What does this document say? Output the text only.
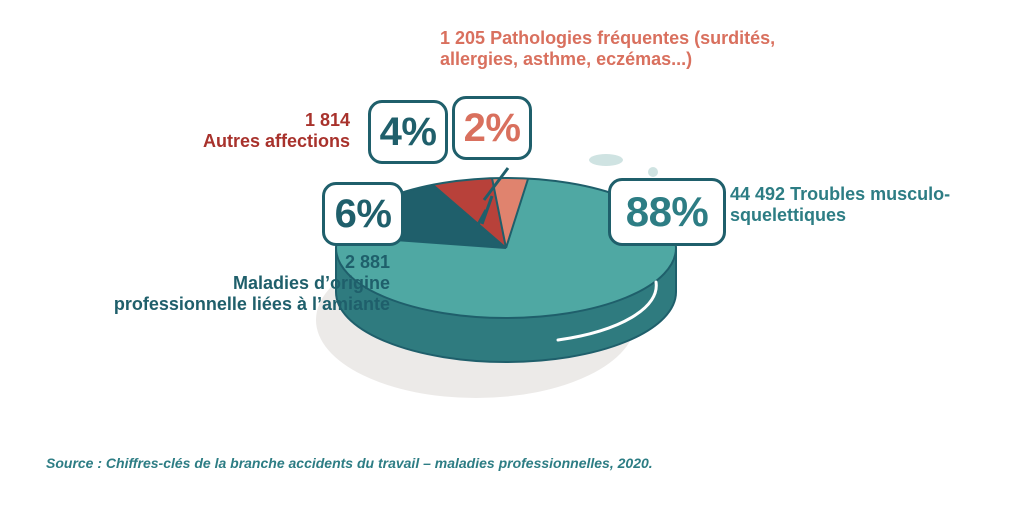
88%
6%
4% 2%
44 492 Troubles musculo-squelettiques
1 205 Pathologies fréquentes (surdités,
allergies, asthme, eczémas...)
1 814
Autres affections
2 881
Maladies d’origine
professionnelle liées à l’amiante
Source : Chiffres-clés de la branche accidents du travail – maladies professionnelles, 2020.
